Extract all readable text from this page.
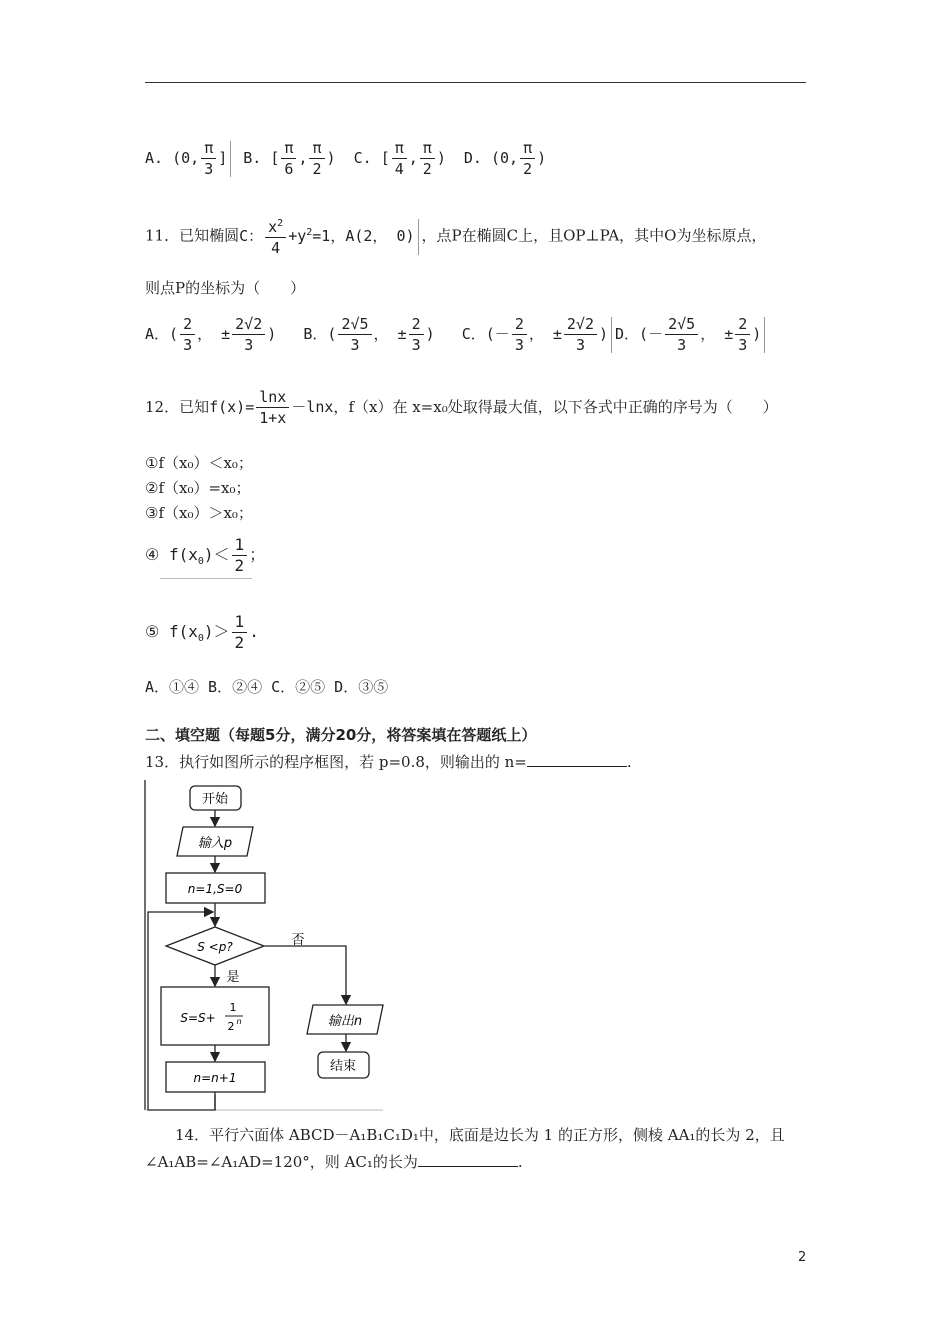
A. (0, $\frac{\pi}{3}$ ] B. [ $\frac{\pi}{6}$ , $\frac{\pi}{2}$ ) C. [ $\frac{\pi}{4}$ , $\frac{\pi}{2}$ ) D. (0, $\frac{\pi}{2}$ )
11．已知椭圆C： $\frac{x^2}{4} +y^2=1$，A(2， 0) ，点P在椭圆C上，且OP⊥PA，其中O为坐标原点，
则点P的坐标为（　　）
A．( $\frac{2}{3}$ ， ± $\frac{2√2}{3}$ ) B．( $\frac{2√5}{3}$ ， ± $\frac{2}{3}$ ) C．(－ $\frac{2}{3}$ ， ± $\frac{2√2}{3}$ ) D．(－ $\frac{2√5}{3}$ ， ± $\frac{2}{3}$ )
12．已知$f(x)= \frac{\ln x}{1+x} -\ln x$，f（x）在 x=x₀处取得最大值，以下各式中正确的序号为（　　）
①f（x₀）＜x₀；
②f（x₀）=x₀；
③f（x₀）＞x₀；
④ $f(x_0)< \frac{1}{2}$ ；
⑤ $f(x_0)> \frac{1}{2}$ .
A．①④ B．②④ C．②⑤ D．③⑤
二、填空题（每题5分，满分20分，将答案填在答题纸上）
13．执行如图所示的程序框图，若 p=0.8，则输出的 n=	.
开始
输入p
n=1,S=0
S <p?	否
是
S=S+
1
2 n
n=n+1
输出n
结束
14．平行六面体 ABCD－A₁B₁C₁D₁中，底面是边长为 1 的正方形，侧棱 AA₁的长为 2，且
∠A₁AB=∠A₁AD=120°，则 AC₁的长为	.
2
